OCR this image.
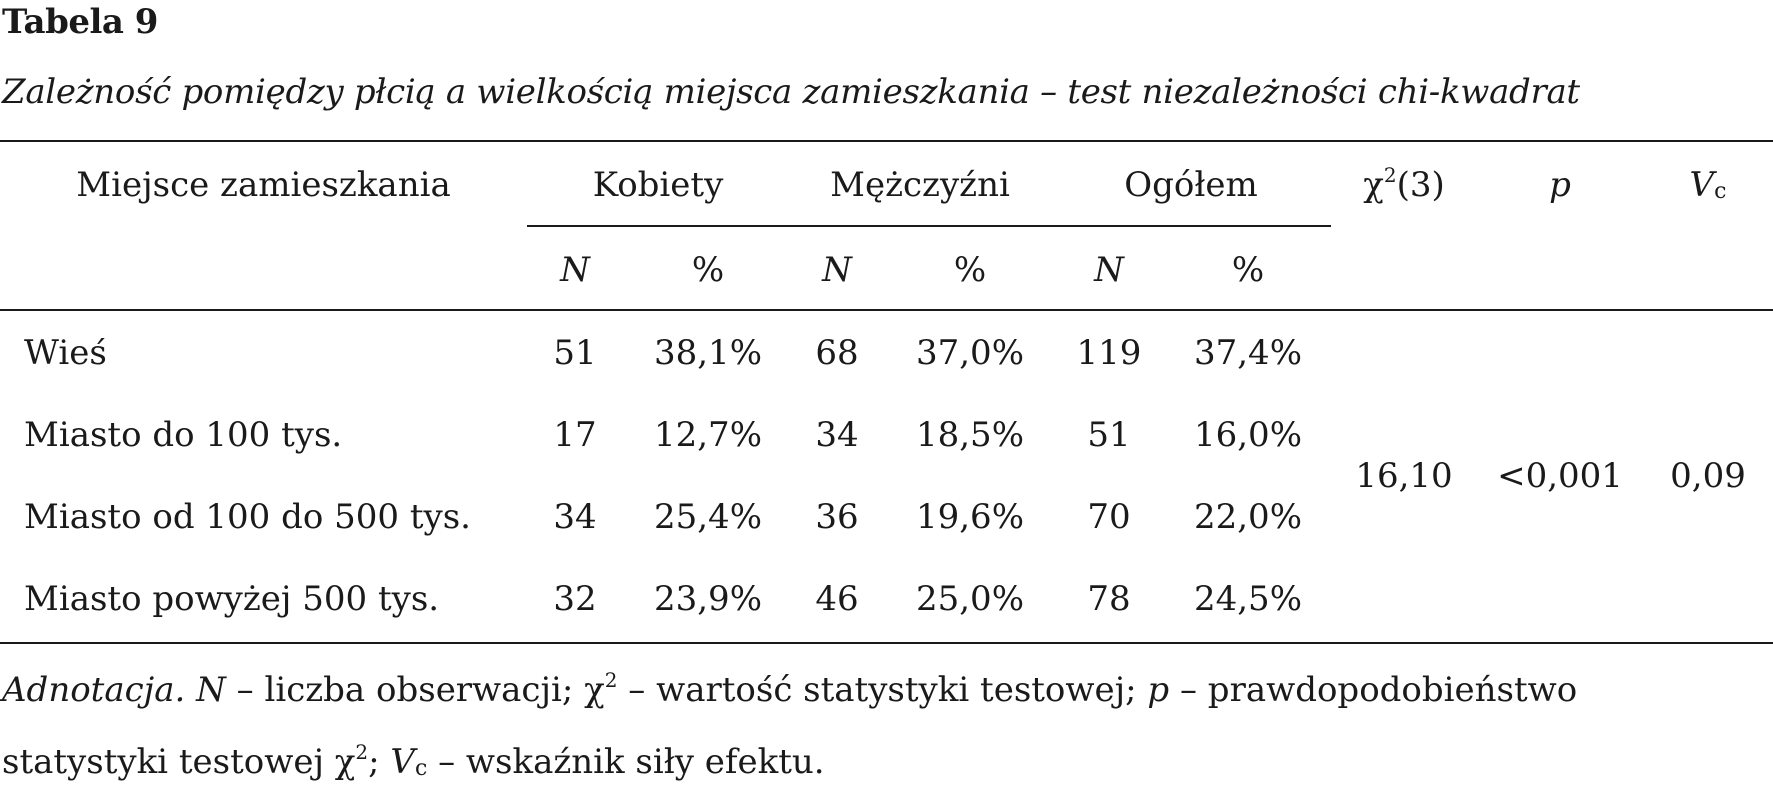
Tabela 9
Zależność pomiędzy płcią a wielkością miejsca zamieszkania – test niezależności chi-kwadrat
Miejsce zamieszkania	Kobiety	Mężczyźni	Ogółem	$\chi^2(3)$	p	$V_c$
N	%	N	%	N	%
Wieś	51	38,1%	68	37,0%	119	37,4%
Miasto do 100 tys.	17	12,7%	34	18,5%	51	16,0%
Miasto od 100 do 500 tys.	34	25,4%	36	19,6%	70	22,0%
Miasto powyżej 500 tys.	32	23,9%	46	25,0%	78	24,5%
16,10	<0,001	0,09
Adnotacja. N – liczba obserwacji; $\chi^2$ – wartość statystyki testowej; p – prawdopodobieństwo
statystyki testowej $\chi^2$; $V_c$ – wskaźnik siły efektu.
